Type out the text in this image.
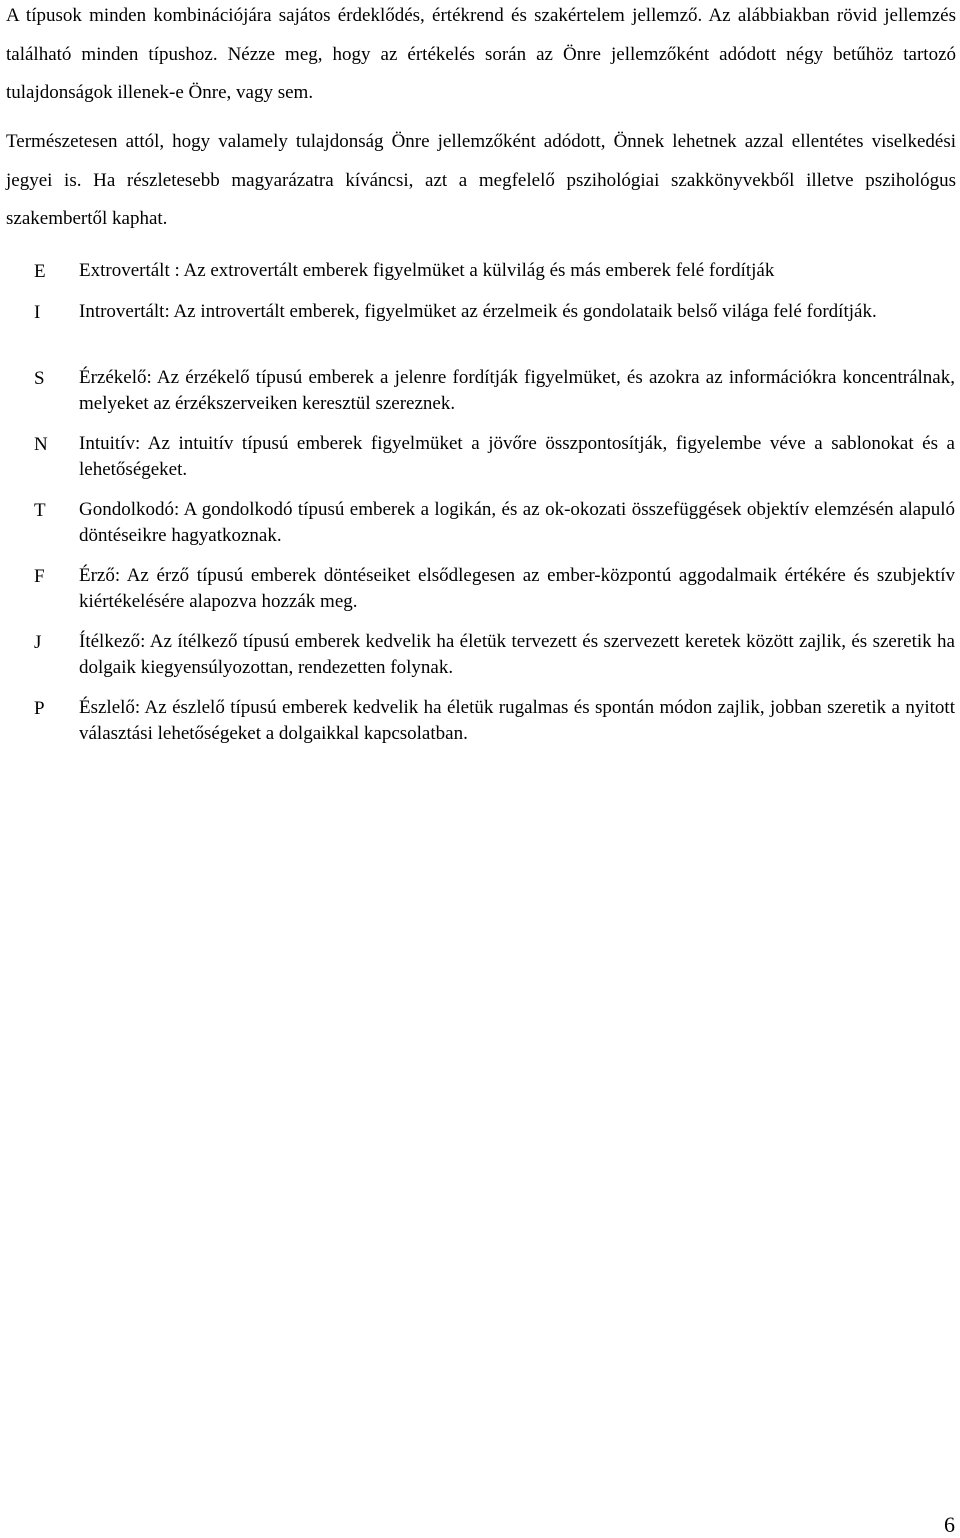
A típusok minden kombinációjára sajátos érdeklődés, értékrend és szakértelem jellemző. Az alábbiakban rövid jellemzés található minden típushoz. Nézze meg, hogy az értékelés során az Önre jellemzőként adódott négy betűhöz tartozó tulajdonságok illenek-e Önre, vagy sem.

Természetesen attól, hogy valamely tulajdonság Önre jellemzőként adódott, Önnek lehetnek azzal ellentétes viselkedési jegyei is. Ha részletesebb magyarázatra kíváncsi, azt a megfelelő pszihológiai szakkönyvekből illetve pszihológus szakembertől kaphat.

E	Extrovertált : Az extrovertált emberek figyelmüket a külvilág és más emberek felé fordítják

I	Introvertált: Az introvertált emberek, figyelmüket az érzelmeik és gondolataik belső világa felé fordítják.

S	Érzékelő: Az érzékelő típusú emberek a jelenre fordítják figyelmüket, és azokra az információkra koncentrálnak, melyeket az érzékszerveiken keresztül szereznek.

N	Intuitív: Az intuitív típusú emberek figyelmüket a jövőre összpontosítják, figyelembe véve a sablonokat és a lehetőségeket.

T	Gondolkodó: A gondolkodó típusú emberek a logikán, és az ok-okozati összefüggések objektív elemzésén alapuló döntéseikre hagyatkoznak.

F	Érző: Az érző típusú emberek döntéseiket elsődlegesen az ember-központú aggodalmaik értékére és szubjektív kiértékelésére alapozva hozzák meg.

J	Ítélkező: Az ítélkező típusú emberek kedvelik ha életük tervezett és szervezett keretek között zajlik, és szeretik ha dolgaik kiegyensúlyozottan, rendezetten folynak.

P	Észlelő: Az észlelő típusú emberek kedvelik ha életük rugalmas és spontán módon zajlik, jobban szeretik a nyitott választási lehetőségeket a dolgaikkal kapcsolatban.

6
